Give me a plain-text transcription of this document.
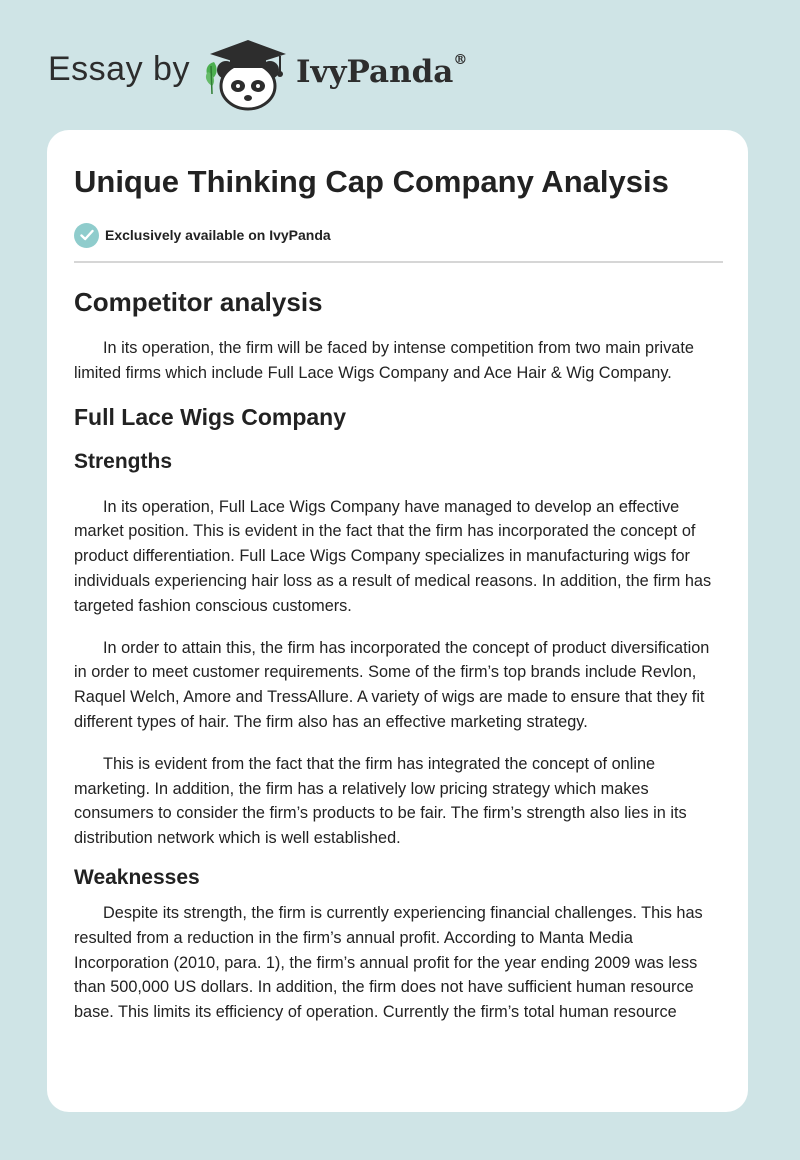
Essay by	IvyPanda®
Unique Thinking Cap Company Analysis
Exclusively available on IvyPanda
Competitor analysis

In its operation, the firm will be faced by intense competition from two main private limited firms which include Full Lace Wigs Company and Ace Hair & Wig Company.

Full Lace Wigs Company
Strengths

In its operation, Full Lace Wigs Company have managed to develop an effective market position. This is evident in the fact that the firm has incorporated the concept of product differentiation. Full Lace Wigs Company specializes in manufacturing wigs for individuals experiencing hair loss as a result of medical reasons. In addition, the firm has targeted fashion conscious customers.

In order to attain this, the firm has incorporated the concept of product diversification in order to meet customer requirements. Some of the firm’s top brands include Revlon, Raquel Welch, Amore and TressAllure. A variety of wigs are made to ensure that they fit different types of hair. The firm also has an effective marketing strategy.

This is evident from the fact that the firm has integrated the concept of online marketing. In addition, the firm has a relatively low pricing strategy which makes consumers to consider the firm’s products to be fair. The firm’s strength also lies in its distribution network which is well established.

Weaknesses

Despite its strength, the firm is currently experiencing financial challenges. This has resulted from a reduction in the firm’s annual profit. According to Manta Media Incorporation (2010, para. 1), the firm’s annual profit for the year ending 2009 was less than 500,000 US dollars. In addition, the firm does not have sufficient human resource base. This limits its efficiency of operation. Currently the firm’s total human resource
